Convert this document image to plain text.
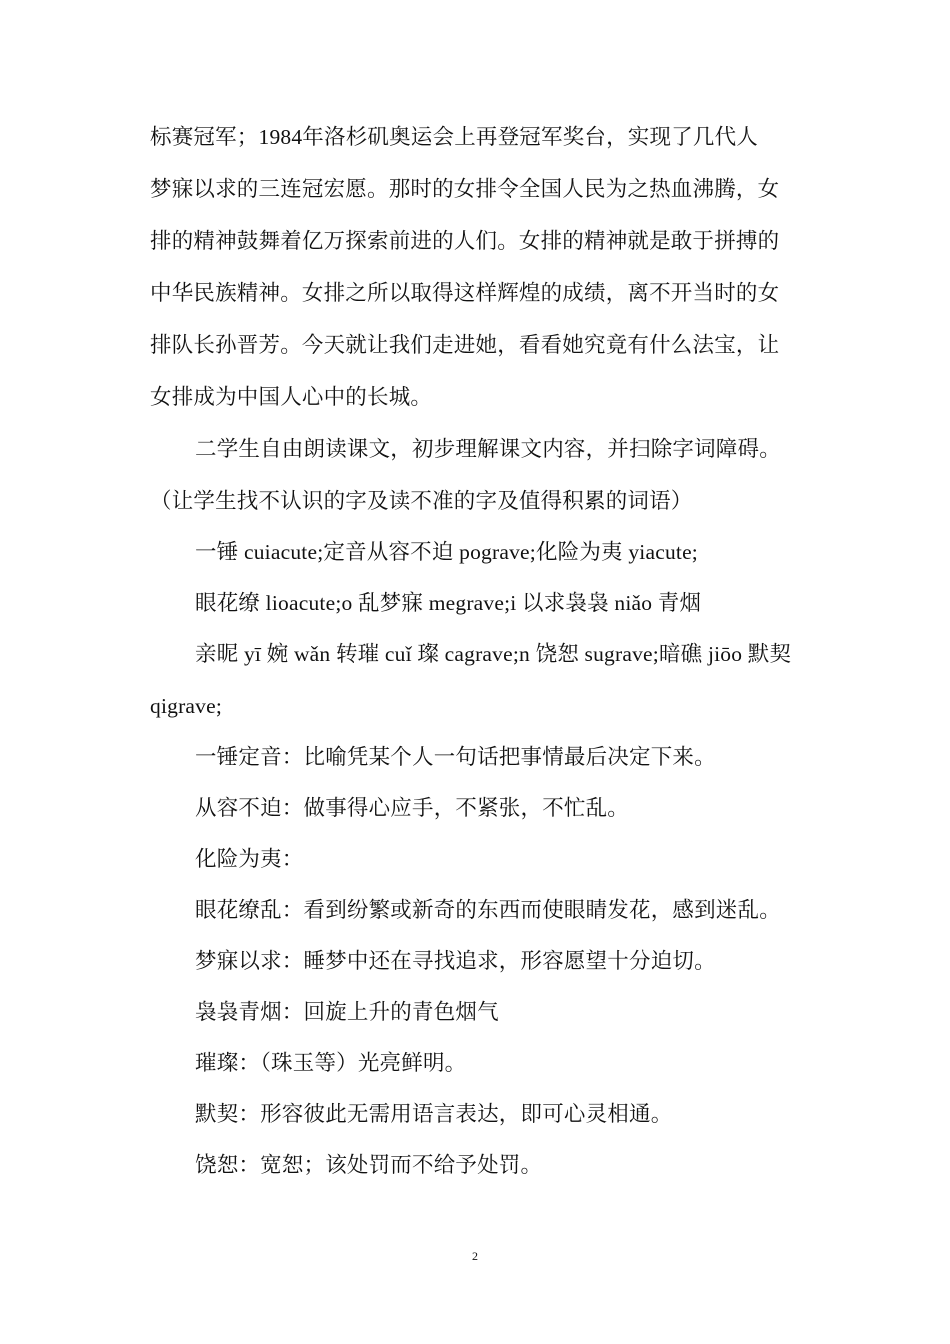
标赛冠军；1984年洛杉矶奥运会上再登冠军奖台，实现了几代人
梦寐以求的三连冠宏愿。那时的女排令全国人民为之热血沸腾，女
排的精神鼓舞着亿万探索前进的人们。女排的精神就是敢于拼搏的
中华民族精神。女排之所以取得这样辉煌的成绩，离不开当时的女
排队长孙晋芳。今天就让我们走进她，看看她究竟有什么法宝，让
女排成为中国人心中的长城。
二学生自由朗读课文，初步理解课文内容，并扫除字词障碍。
（让学生找不认识的字及读不准的字及值得积累的词语）
一锤 cuiacute;定音从容不迫 pograve;化险为夷 yiacute;
眼花缭 lioacute;o 乱梦寐 megrave;i 以求袅袅 niǎo 青烟
亲昵 yī 婉 wǎn 转璀 cuǐ 璨 cagrave;n 饶恕 sugrave;暗礁 jiōo 默契
qigrave;
一锤定音：比喻凭某个人一句话把事情最后决定下来。
从容不迫：做事得心应手，不紧张，不忙乱。
化险为夷：
眼花缭乱：看到纷繁或新奇的东西而使眼睛发花，感到迷乱。
梦寐以求：睡梦中还在寻找追求，形容愿望十分迫切。
袅袅青烟：回旋上升的青色烟气
璀璨：（珠玉等）光亮鲜明。
默契：形容彼此无需用语言表达，即可心灵相通。
饶恕：宽恕；该处罚而不给予处罚。
2
